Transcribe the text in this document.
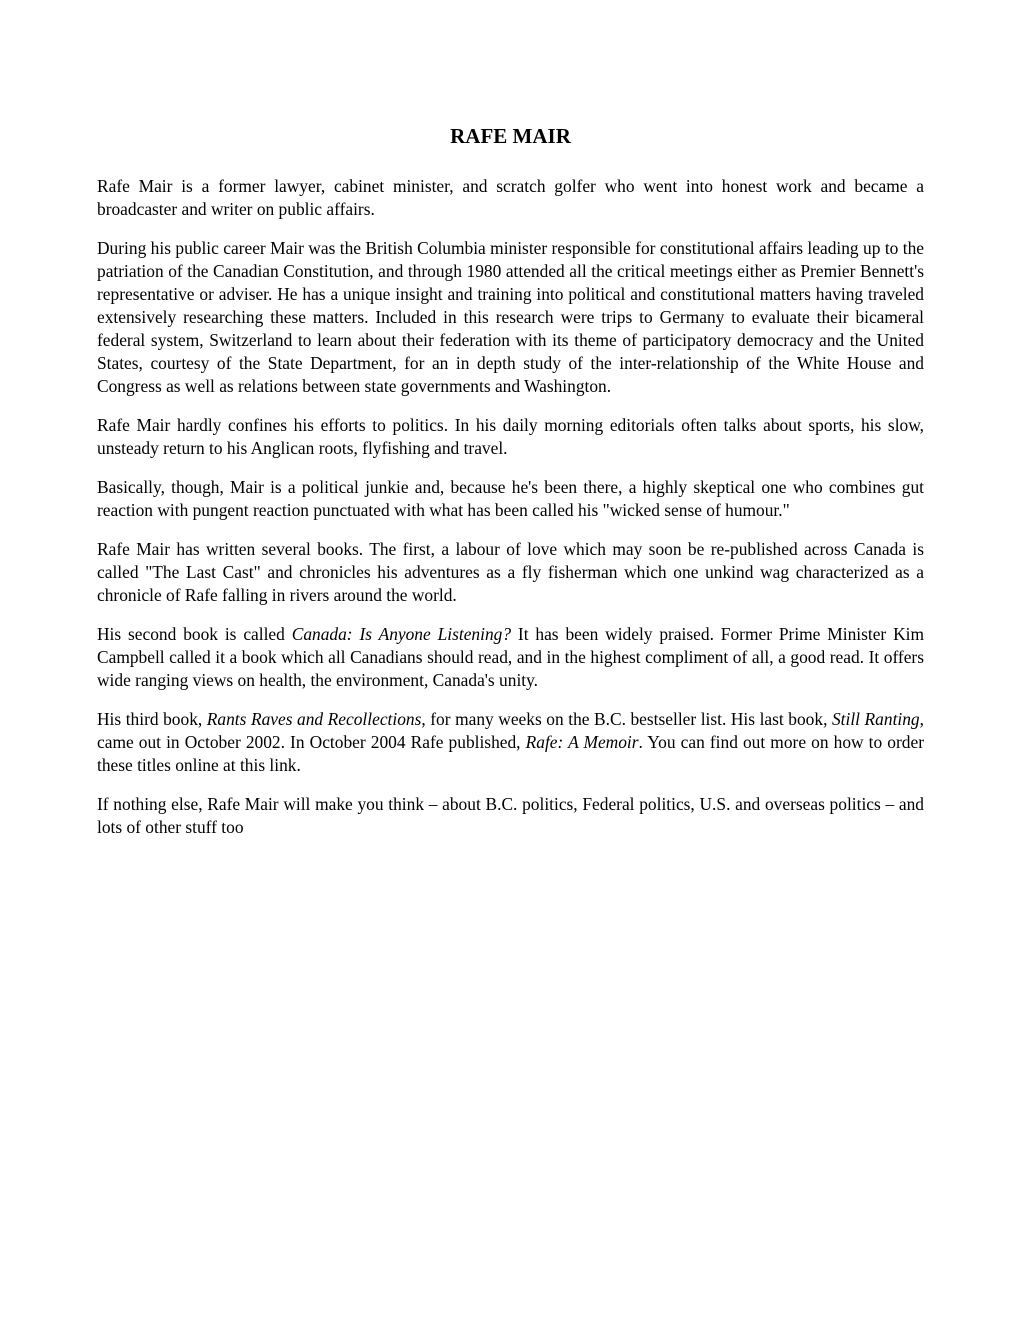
RAFE MAIR

Rafe Mair is a former lawyer, cabinet minister, and scratch golfer who went into honest work and became a broadcaster and writer on public affairs.

During his public career Mair was the British Columbia minister responsible for constitutional affairs leading up to the patriation of the Canadian Constitution, and through 1980 attended all the critical meetings either as Premier Bennett's representative or adviser. He has a unique insight and training into political and constitutional matters having traveled extensively researching these matters. Included in this research were trips to Germany to evaluate their bicameral federal system, Switzerland to learn about their federation with its theme of participatory democracy and the United States, courtesy of the State Department, for an in depth study of the inter-relationship of the White House and Congress as well as relations between state governments and Washington.

Rafe Mair hardly confines his efforts to politics. In his daily morning editorials often talks about sports, his slow, unsteady return to his Anglican roots, flyfishing and travel.

Basically, though, Mair is a political junkie and, because he's been there, a highly skeptical one who combines gut reaction with pungent reaction punctuated with what has been called his "wicked sense of humour."

Rafe Mair has written several books. The first, a labour of love which may soon be re-published across Canada is called "The Last Cast" and chronicles his adventures as a fly fisherman which one unkind wag characterized as a chronicle of Rafe falling in rivers around the world.

His second book is called Canada: Is Anyone Listening? It has been widely praised. Former Prime Minister Kim Campbell called it a book which all Canadians should read, and in the highest compliment of all, a good read. It offers wide ranging views on health, the environment, Canada's unity.

His third book, Rants Raves and Recollections, for many weeks on the B.C. bestseller list. His last book, Still Ranting, came out in October 2002. In October 2004 Rafe published, Rafe: A Memoir. You can find out more on how to order these titles online at this link.

If nothing else, Rafe Mair will make you think – about B.C. politics, Federal politics, U.S. and overseas politics – and lots of other stuff too
